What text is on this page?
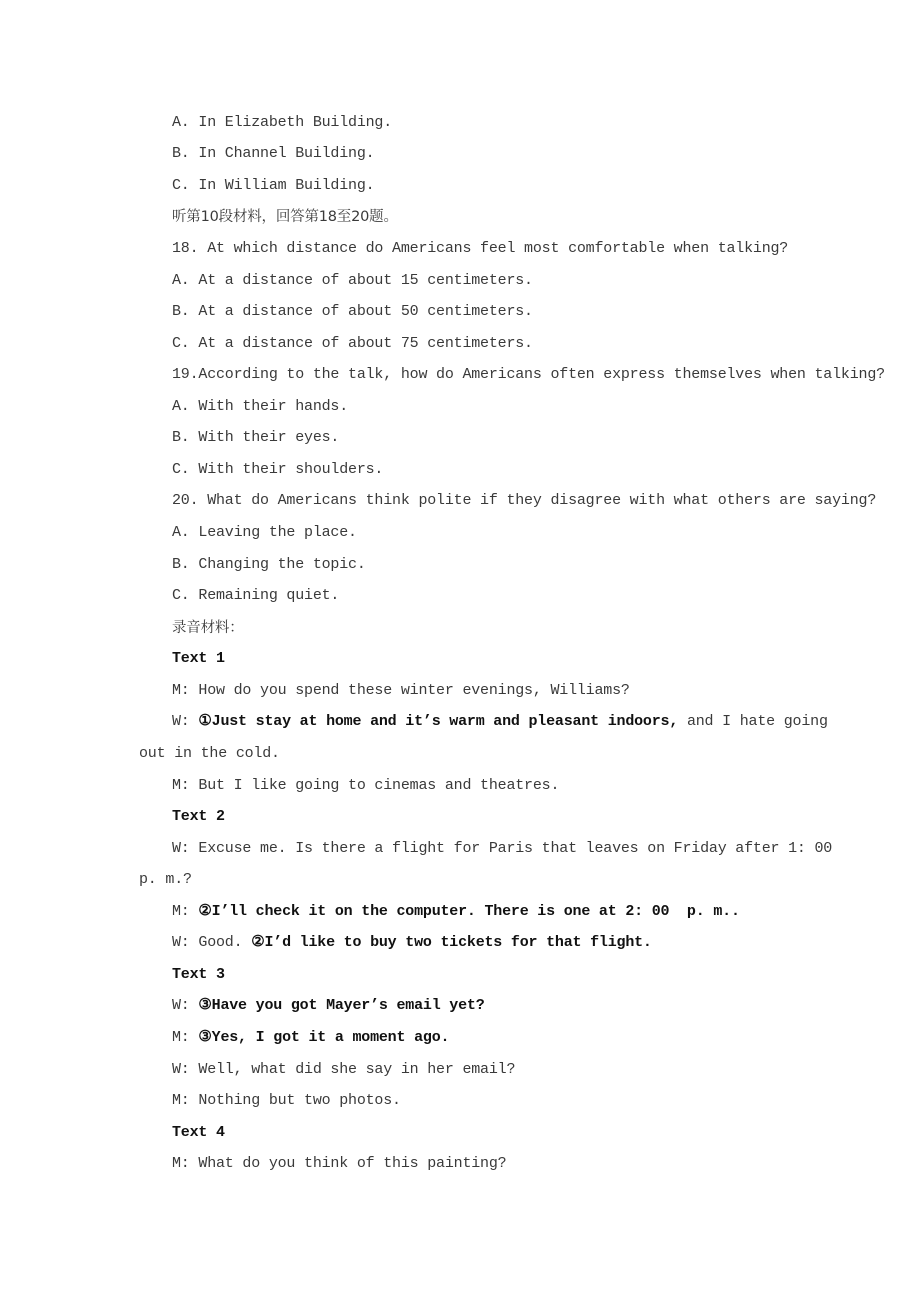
A. In Elizabeth Building.
B. In Channel Building.
C. In William Building.
听第10段材料，回答第18至20题。
18. At which distance do Americans feel most comfortable when talking?
A. At a distance of about 15 centimeters.
B. At a distance of about 50 centimeters.
C. At a distance of about 75 centimeters.
19.According to the talk, how do Americans often express themselves when talking?
A. With their hands.
B. With their eyes.
C. With their shoulders.
20. What do Americans think polite if they disagree with what others are saying?
A. Leaving the place.
B. Changing the topic.
C. Remaining quiet.
录音材料：
Text 1
M: How do you spend these winter evenings, Williams?
W: ①Just stay at home and it’s warm and pleasant indoors, and I hate going
out in the cold.
M: But I like going to cinemas and theatres.
Text 2
W: Excuse me. Is there a flight for Paris that leaves on Friday after 1: 00
p. m.?
M: ②I’ll check it on the computer. There is one at 2: 00  p. m..
W: Good. ②I’d like to buy two tickets for that flight.
Text 3
W: ③Have you got Mayer’s email yet?
M: ③Yes, I got it a moment ago.
W: Well, what did she say in her email?
M: Nothing but two photos.
Text 4
M: What do you think of this painting?
